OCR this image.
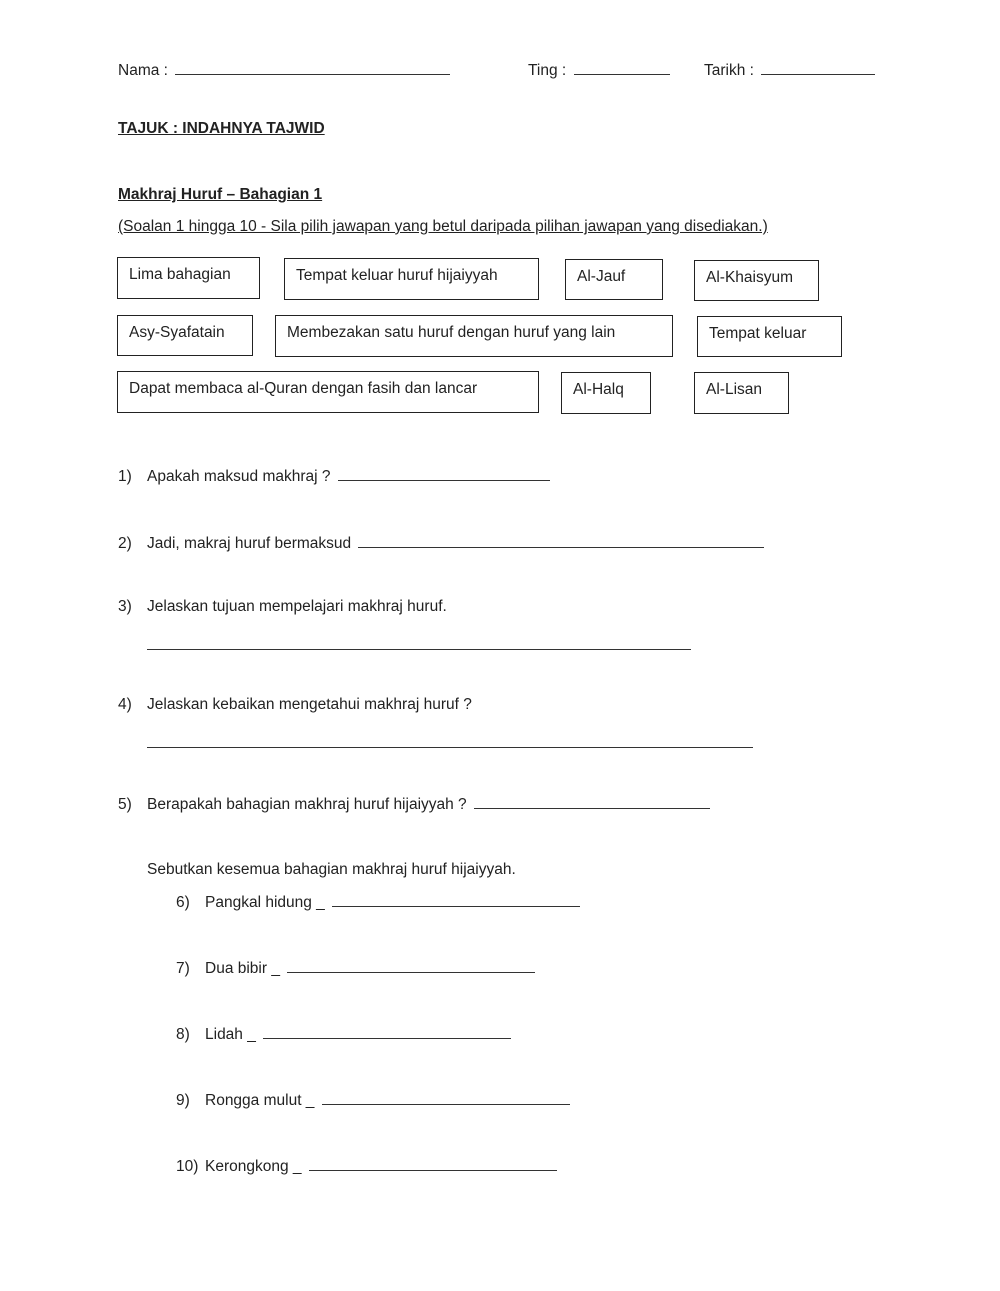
Nama :	Ting :	Tarikh :
TAJUK : INDAHNYA TAJWID
Makhraj Huruf – Bahagian 1
(Soalan 1 hingga 10 - Sila pilih jawapan yang betul daripada pilihan jawapan yang disediakan.)
Lima bahagian	Tempat keluar huruf hijaiyyah	Al-Jauf	Al-Khaisyum
Asy-Syafatain	Membezakan satu huruf dengan huruf yang lain	Tempat keluar
Dapat membaca al-Quran dengan fasih dan lancar	Al-Halq	Al-Lisan
1) Apakah maksud makhraj ?
2) Jadi, makraj huruf bermaksud
3) Jelaskan tujuan mempelajari makhraj huruf.
4) Jelaskan kebaikan mengetahui makhraj huruf ?
5) Berapakah bahagian makhraj huruf hijaiyyah ?
Sebutkan kesemua bahagian makhraj huruf hijaiyyah.
6) Pangkal hidung _
7) Dua bibir _
8) Lidah _
9) Rongga mulut _
10) Kerongkong _
